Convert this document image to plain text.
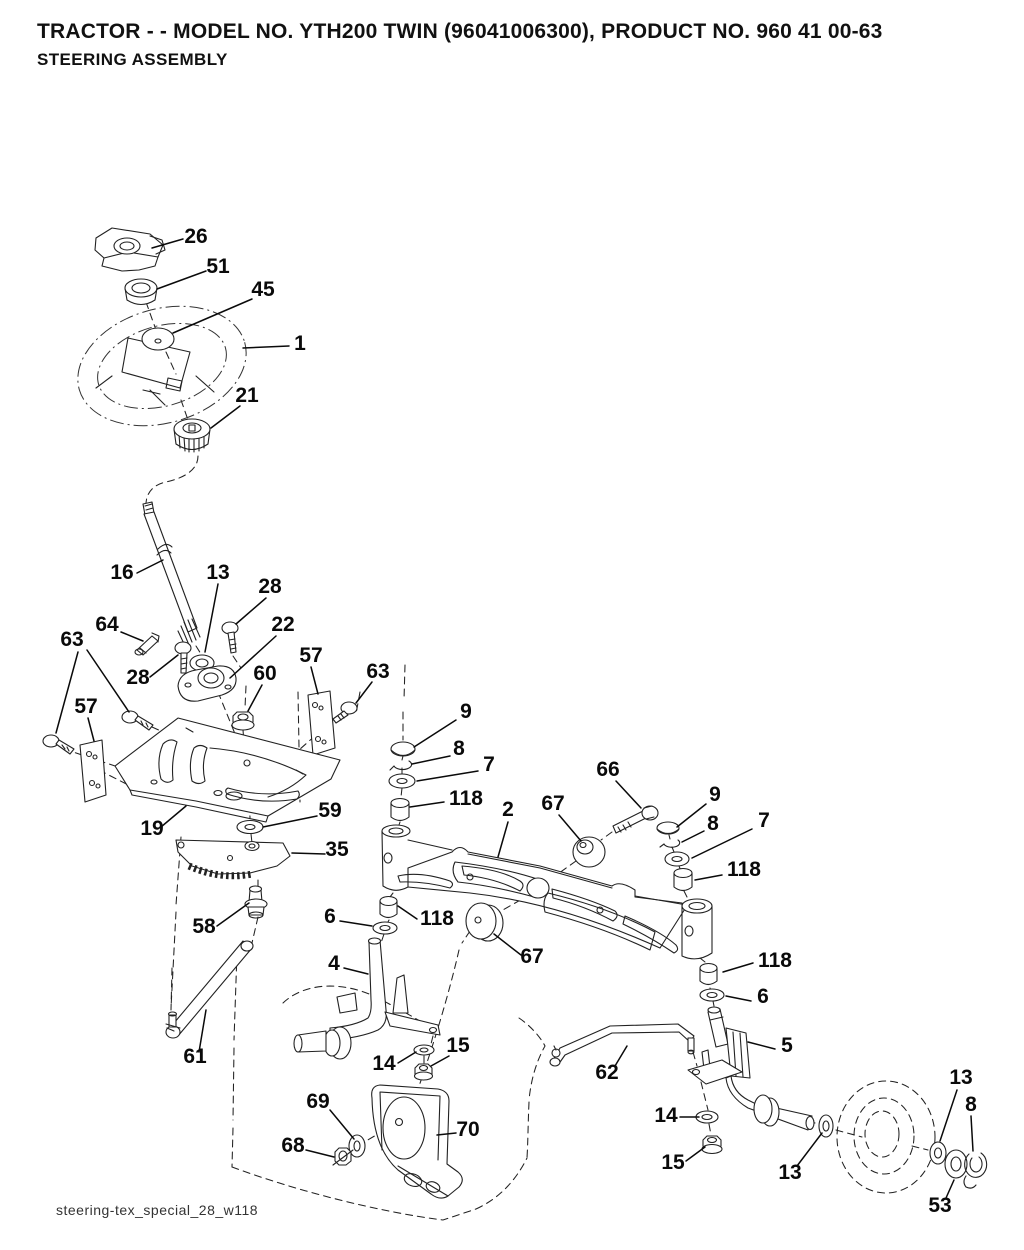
TRACTOR - - MODEL NO. YTH200 TWIN (96041006300), PRODUCT NO. 960 41 00-63
STEERING ASSEMBLY
26
51
45
1
21
16	13
28
64
63
28
22
60
57
63
57
19
59
35
58	6
4
61
9
8
7
118 2 67
66
9
8 7
118
118
67	118
6
5
14
15
62
69
68
70
14
15	13
13
8
53
steering-tex_special_28_w118
